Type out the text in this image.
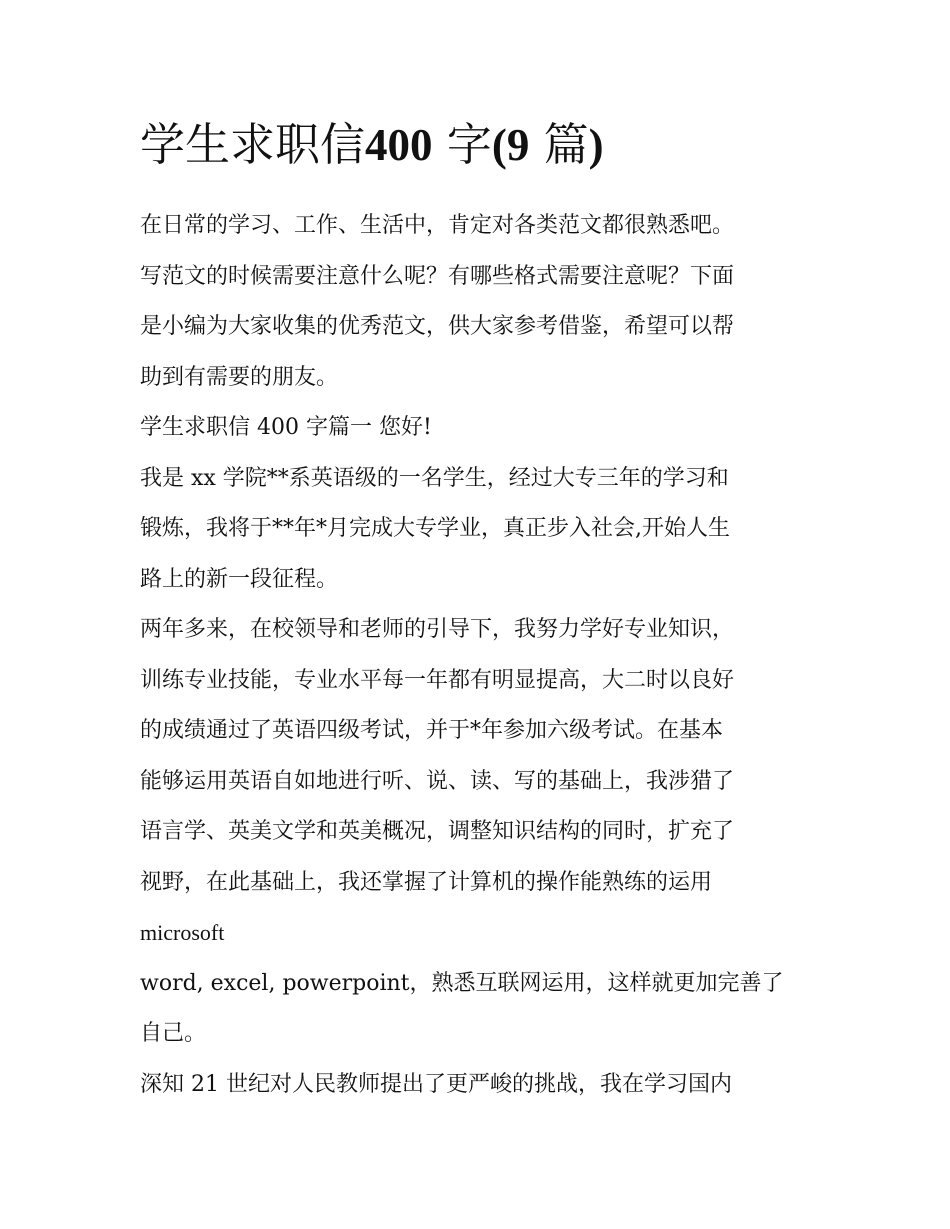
学生求职信400 字(9 篇)
在日常的学习、工作、生活中，肯定对各类范文都很熟悉吧。
写范文的时候需要注意什么呢？有哪些格式需要注意呢？下面
是小编为大家收集的优秀范文，供大家参考借鉴，希望可以帮
助到有需要的朋友。
学生求职信 400 字篇一 您好!
我是 xx 学院**系英语级的一名学生，经过大专三年的学习和
锻炼，我将于**年*月完成大专学业，真正步入社会,开始人生
路上的新一段征程。
两年多来，在校领导和老师的引导下，我努力学好专业知识，
训练专业技能，专业水平每一年都有明显提高，大二时以良好
的成绩通过了英语四级考试，并于*年参加六级考试。在基本
能够运用英语自如地进行听、说、读、写的基础上，我涉猎了
语言学、英美文学和英美概况，调整知识结构的同时，扩充了
视野，在此基础上，我还掌握了计算机的操作能熟练的运用
microsoft
word, excel, powerpoint，熟悉互联网运用，这样就更加完善了
自己。
深知 21 世纪对人民教师提出了更严峻的挑战，我在学习国内
